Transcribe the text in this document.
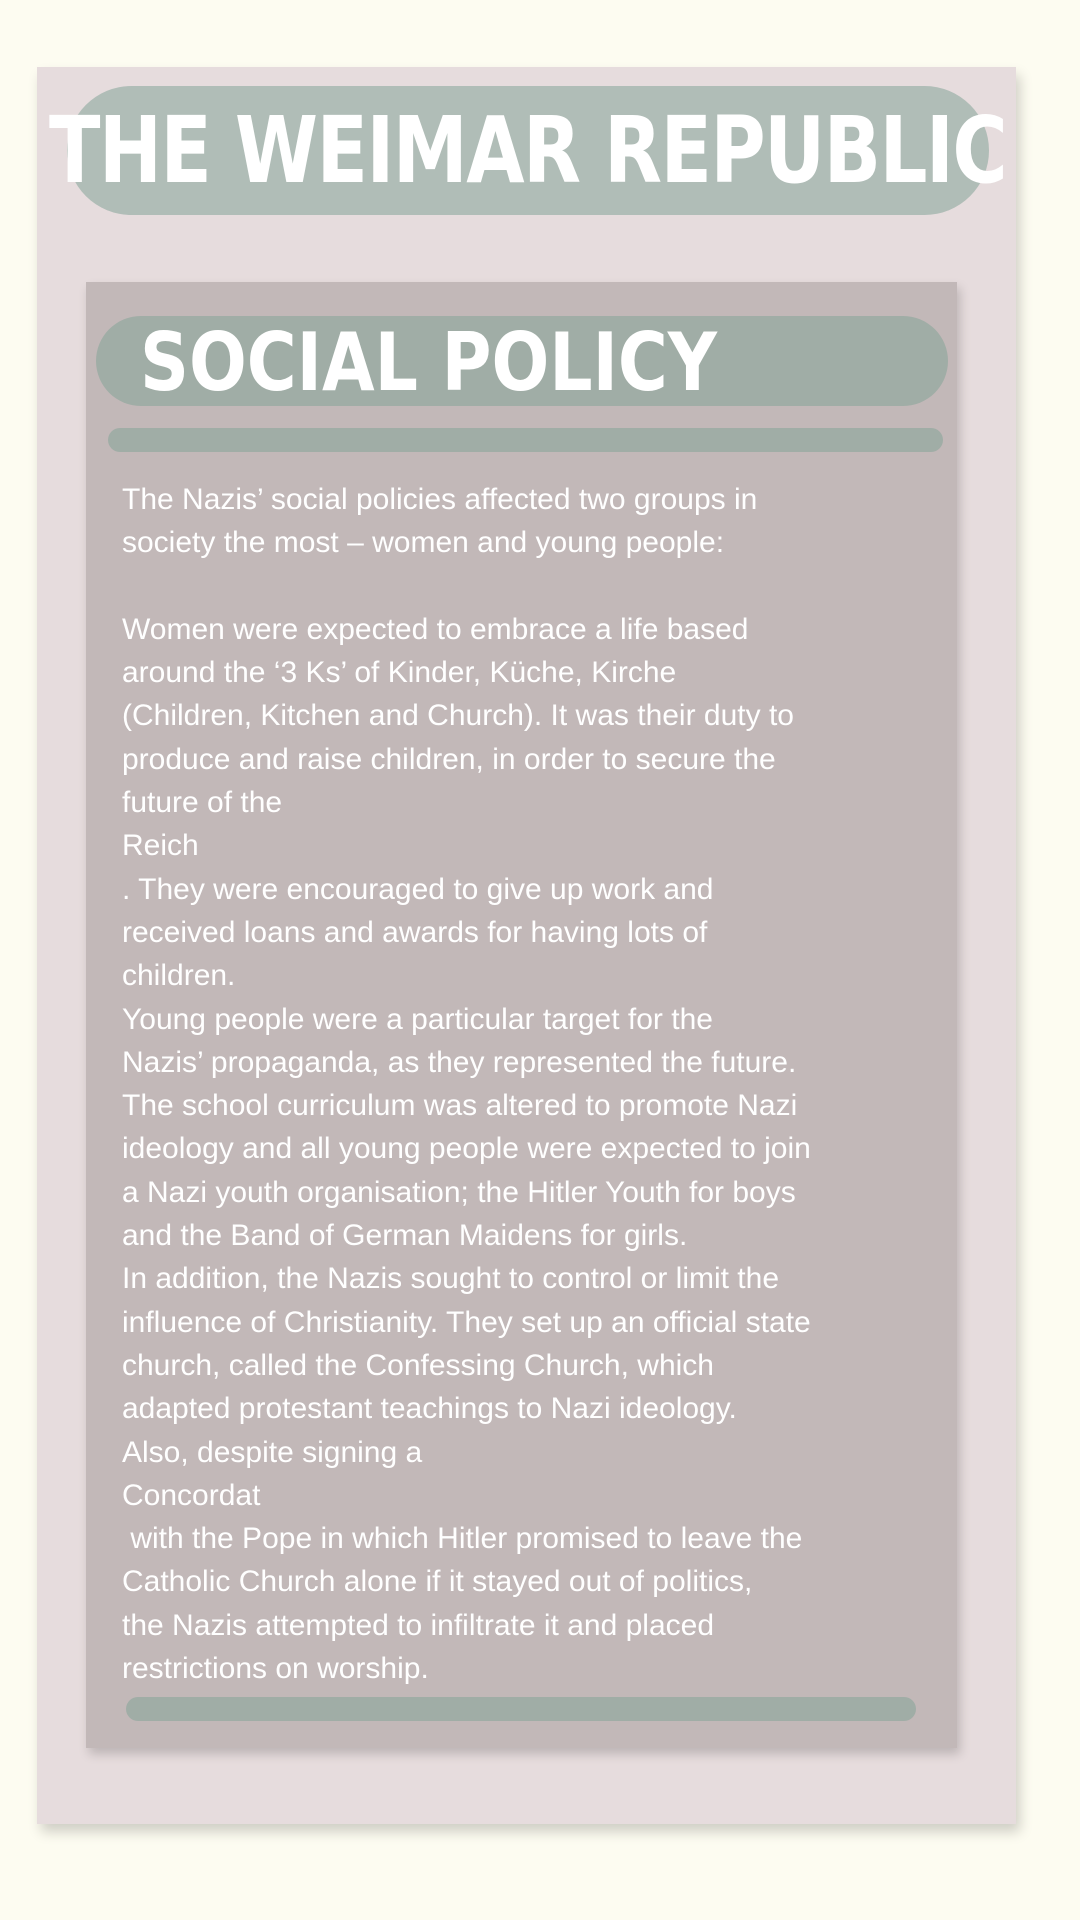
THE WEIMAR REPUBLIC
SOCIAL POLICY
The Nazis’ social policies affected two groups in
society the most – women and young people:
Women were expected to embrace a life based
around the ‘3 Ks’ of Kinder, Küche, Kirche
(Children, Kitchen and Church). It was their duty to
produce and raise children, in order to secure the
future of the
Reich
. They were encouraged to give up work and
received loans and awards for having lots of
children.
Young people were a particular target for the
Nazis’ propaganda, as they represented the future.
The school curriculum was altered to promote Nazi
ideology and all young people were expected to join
a Nazi youth organisation; the Hitler Youth for boys
and the Band of German Maidens for girls.
In addition, the Nazis sought to control or limit the
influence of Christianity. They set up an official state
church, called the Confessing Church, which
adapted protestant teachings to Nazi ideology.
Also, despite signing a
Concordat
with the Pope in which Hitler promised to leave the
Catholic Church alone if it stayed out of politics,
the Nazis attempted to infiltrate it and placed
restrictions on worship.
